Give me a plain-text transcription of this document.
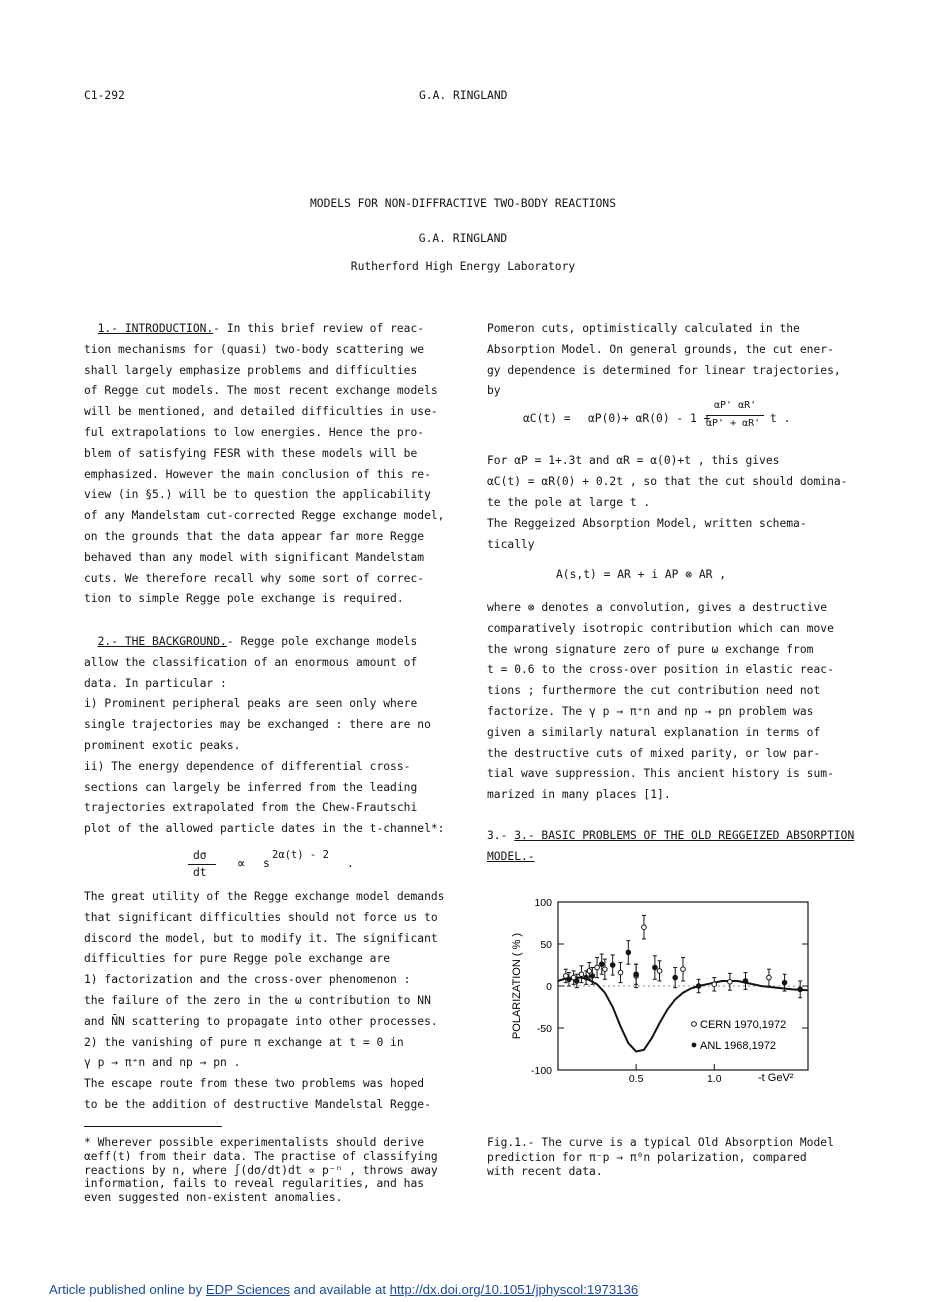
C1-292	G.A. RINGLAND
MODELS FOR NON-DIFFRACTIVE TWO-BODY REACTIONS
G.A. RINGLAND
Rutherford High Energy Laboratory

1.- INTRODUCTION.- In this brief review of reac-

tion mechanisms for (quasi) two-body scattering we

shall largely emphasize problems and difficulties

of Regge cut models. The most recent exchange models

will be mentioned, and detailed difficulties in use-

ful extrapolations to low energies. Hence the pro-

blem of satisfying FESR with these models will be

emphasized. However the main conclusion of this re-

view (in §5.) will be to question the applicability

of any Mandelstam cut-corrected Regge exchange model,

on the grounds that the data appear far more Regge

behaved than any model with significant Mandelstam

cuts. We therefore recall why some sort of correc-

tion to simple Regge pole exchange is required.

2.- THE BACKGROUND.- Regge pole exchange models

allow the classification of an enormous amount of

data. In particular :

i) Prominent peripheral peaks are seen only where

single trajectories may be exchanged : there are no

prominent exotic peaks.

ii) The energy dependence of differential cross-

sections can largely be inferred from the leading

trajectories extrapolated from the Chew-Frautschi

plot of the allowed particle dates in the t-channel*:

dσ
dt
∝ s
2α(t) - 2
.

The great utility of the Regge exchange model demands

that significant difficulties should not force us to

discord the model, but to modify it. The significant

difficulties for pure Regge pole exchange are

1) factorization and the cross-over phenomenon :

the failure of the zero in the ω contribution to NN

and N̄N scattering to propagate into other processes.

2) the vanishing of pure π exchange at t = 0 in

γ p → π⁺n and np → pn .

The escape route from these two problems was hoped

to be the addition of destructive Mandelstal Regge-

* Wherever possible experimentalists should derive

αeff(t) from their data. The practise of classifying

reactions by n, where ∫(dσ/dt)dt ∝ p⁻ⁿ , throws away

information, fails to reveal regularities, and has

even suggested non-existent anomalies.

Pomeron cuts, optimistically calculated in the

Absorption Model. On general grounds, the cut ener-

gy dependence is determined for linear trajectories,

by

αC(t) = αP(0)+ αR(0) - 1 +
αP' αR'
αP' + αR' t .

For αP = 1+.3t and αR = α(0)+t , this gives

αC(t) = αR(0) + 0.2t , so that the cut should domina-

te the pole at large t .

The Reggeized Absorption Model, written schema-

tically

A(s,t) = AR + i AP ⊗ AR ,

where ⊗ denotes a convolution, gives a destructive

comparatively isotropic contribution which can move

the wrong signature zero of pure ω exchange from

t = 0.6 to the cross-over position in elastic reac-

tions ; furthermore the cut contribution need not

factorize. The γ p → π⁺n and np → pn problem was

given a similarly natural explanation in terms of

the destructive cuts of mixed parity, or low par-

tial wave suppression. This ancient history is sum-

marized in many places [1].

3.- 3.- BASIC PROBLEMS OF THE OLD REGGEIZED ABSORPTION

MODEL.-

100
50
0
-50
-100
0.5	1.0
POLARIZATION ( % )
-t GeV²
CERN 1970,1972
ANL 1968,1972

Fig.1.- The curve is a typical Old Absorption Model

prediction for π⁻p → π⁰n polarization, compared

with recent data.

Article published online by EDP Sciences and available at http://dx.doi.org/10.1051/jphyscol:1973136
